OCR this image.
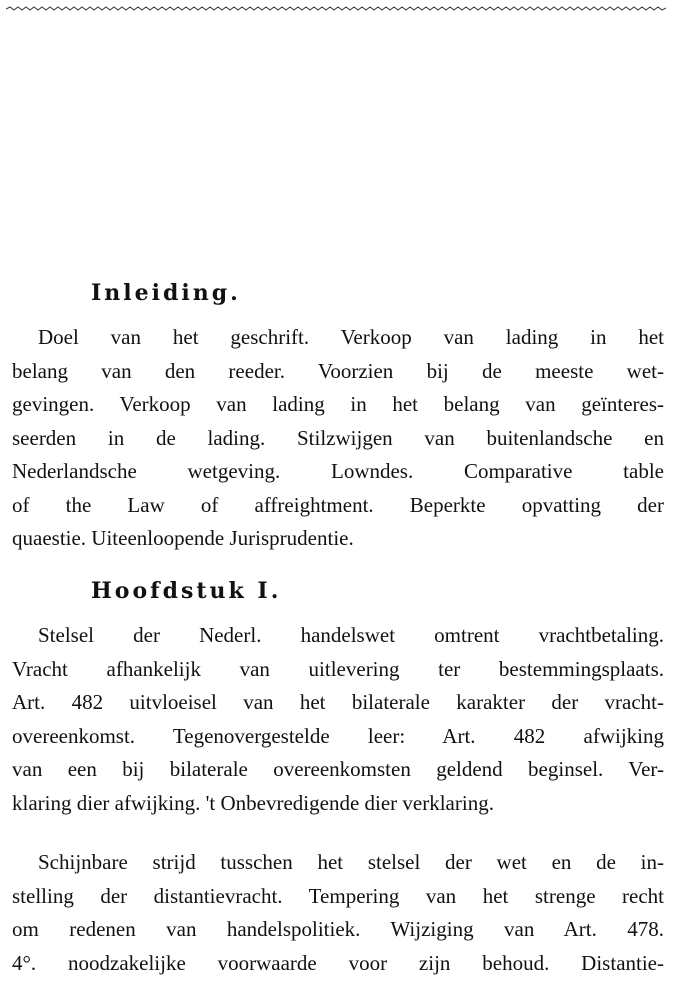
Inleiding.
Doel van het geschrift. Verkoop van lading in het
belang van den reeder. Voorzien bij de meeste wet-
gevingen. Verkoop van lading in het belang van geïnteres-
seerden in de lading. Stilzwijgen van buitenlandsche en
Nederlandsche wetgeving. Lowndes. Comparative table
of the Law of affreightment. Beperkte opvatting der
quaestie. Uiteenloopende Jurisprudentie.
Hoofdstuk I.
Stelsel der Nederl. handelswet omtrent vrachtbetaling.
Vracht afhankelijk van uitlevering ter bestemmingsplaats.
Art. 482 uitvloeisel van het bilaterale karakter der vracht-
overeenkomst. Tegenovergestelde leer: Art. 482 afwijking
van een bij bilaterale overeenkomsten geldend beginsel. Ver-
klaring dier afwijking. 't Onbevredigende dier verklaring.
Schijnbare strijd tusschen het stelsel der wet en de in-
stelling der distantievracht. Tempering van het strenge recht
om redenen van handelspolitiek. Wijziging van Art. 478.
4°. noodzakelijke voorwaarde voor zijn behoud. Distantie-
